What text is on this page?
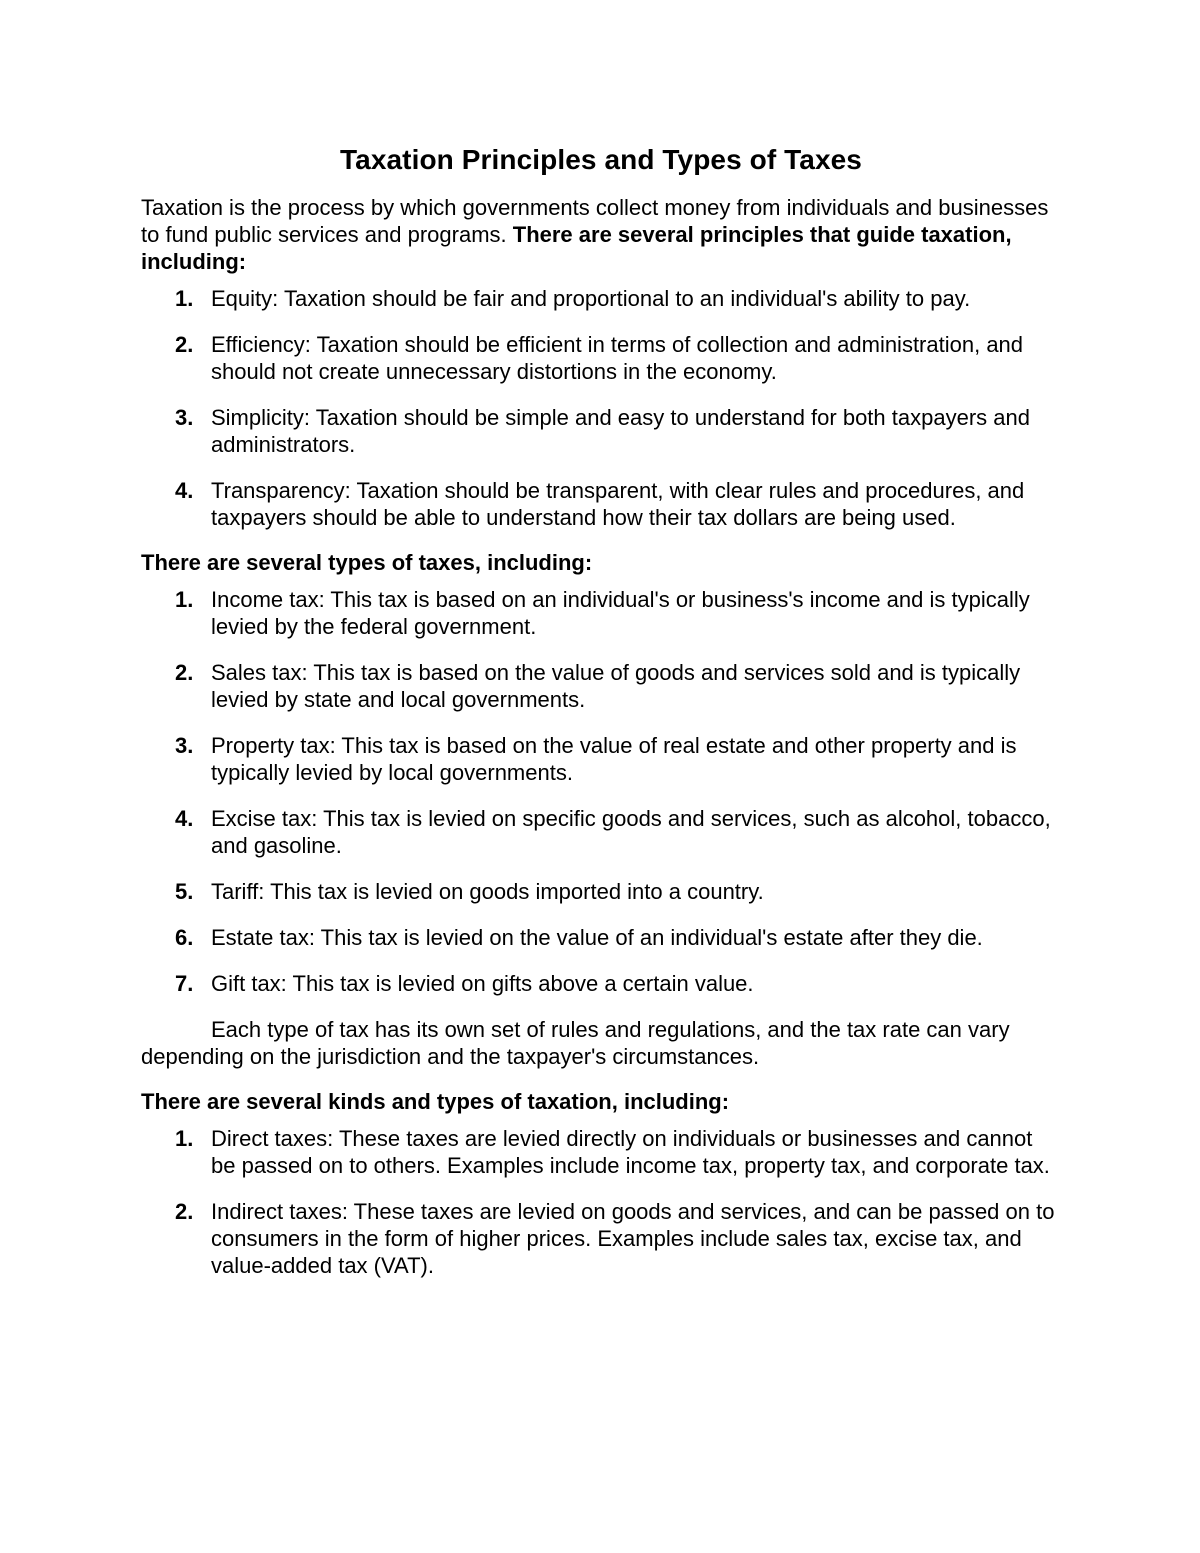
Taxation Principles and Types of Taxes

Taxation is the process by which governments collect money from individuals and businesses to fund public services and programs. There are several principles that guide taxation, including:

1. Equity: Taxation should be fair and proportional to an individual's ability to pay.
2. Efficiency: Taxation should be efficient in terms of collection and administration, and should not create unnecessary distortions in the economy.
3. Simplicity: Taxation should be simple and easy to understand for both taxpayers and administrators.
4. Transparency: Taxation should be transparent, with clear rules and procedures, and taxpayers should be able to understand how their tax dollars are being used.

There are several types of taxes, including:

1. Income tax: This tax is based on an individual's or business's income and is typically levied by the federal government.
2. Sales tax: This tax is based on the value of goods and services sold and is typically levied by state and local governments.
3. Property tax: This tax is based on the value of real estate and other property and is typically levied by local governments.
4. Excise tax: This tax is levied on specific goods and services, such as alcohol, tobacco, and gasoline.
5. Tariff: This tax is levied on goods imported into a country.
6. Estate tax: This tax is levied on the value of an individual's estate after they die.
7. Gift tax: This tax is levied on gifts above a certain value.

Each type of tax has its own set of rules and regulations, and the tax rate can vary depending on the jurisdiction and the taxpayer's circumstances.

There are several kinds and types of taxation, including:

1. Direct taxes: These taxes are levied directly on individuals or businesses and cannot be passed on to others. Examples include income tax, property tax, and corporate tax.
2. Indirect taxes: These taxes are levied on goods and services, and can be passed on to consumers in the form of higher prices. Examples include sales tax, excise tax, and value-added tax (VAT).
